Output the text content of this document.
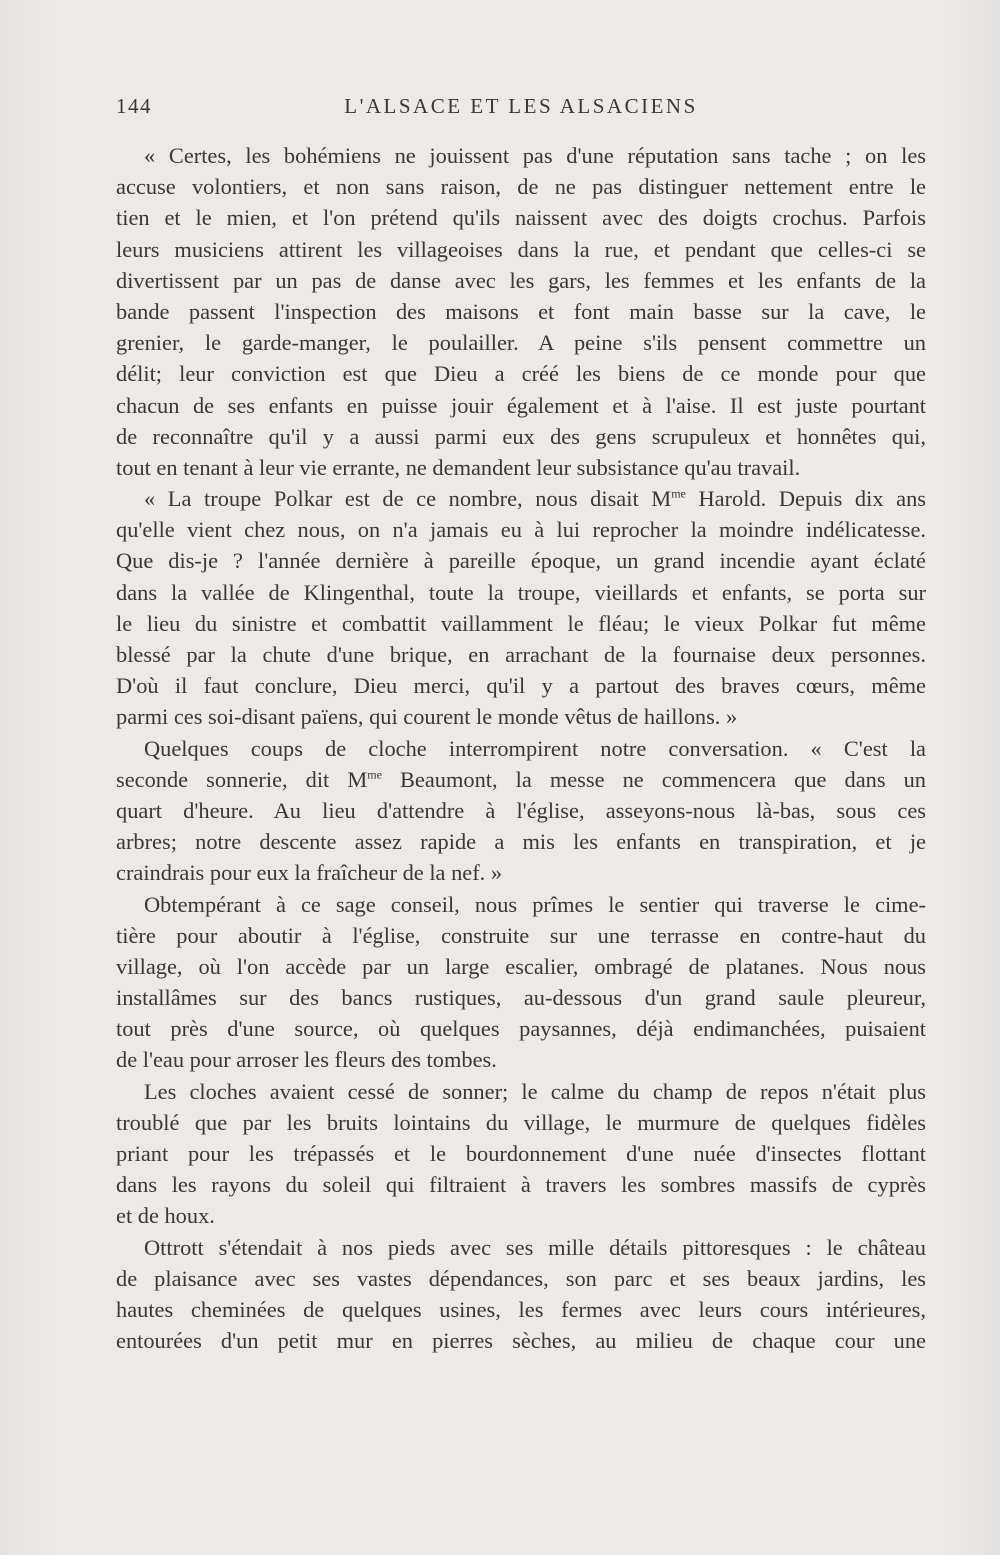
144	L'ALSACE ET LES ALSACIENS
« Certes, les bohémiens ne jouissent pas d'une réputation sans tache ; on les
accuse volontiers, et non sans raison, de ne pas distinguer nettement entre le
tien et le mien, et l'on prétend qu'ils naissent avec des doigts crochus. Parfois
leurs musiciens attirent les villageoises dans la rue, et pendant que celles-ci se
divertissent par un pas de danse avec les gars, les femmes et les enfants de la
bande passent l'inspection des maisons et font main basse sur la cave, le
grenier, le garde-manger, le poulailler. A peine s'ils pensent commettre un
délit; leur conviction est que Dieu a créé les biens de ce monde pour que
chacun de ses enfants en puisse jouir également et à l'aise. Il est juste pourtant
de reconnaître qu'il y a aussi parmi eux des gens scrupuleux et honnêtes qui,
tout en tenant à leur vie errante, ne demandent leur subsistance qu'au travail.
« La troupe Polkar est de ce nombre, nous disait $M^{me}$ Harold. Depuis dix ans
qu'elle vient chez nous, on n'a jamais eu à lui reprocher la moindre indélicatesse.
Que dis-je ? l'année dernière à pareille époque, un grand incendie ayant éclaté
dans la vallée de Klingenthal, toute la troupe, vieillards et enfants, se porta sur
le lieu du sinistre et combattit vaillamment le fléau; le vieux Polkar fut même
blessé par la chute d'une brique, en arrachant de la fournaise deux personnes.
D'où il faut conclure, Dieu merci, qu'il y a partout des braves cœurs, même
parmi ces soi-disant païens, qui courent le monde vêtus de haillons. »
Quelques coups de cloche interrompirent notre conversation. « C'est la
seconde sonnerie, dit $M^{me}$ Beaumont, la messe ne commencera que dans un
quart d'heure. Au lieu d'attendre à l'église, asseyons-nous là-bas, sous ces
arbres; notre descente assez rapide a mis les enfants en transpiration, et je
craindrais pour eux la fraîcheur de la nef. »
Obtempérant à ce sage conseil, nous prîmes le sentier qui traverse le cime-
tière pour aboutir à l'église, construite sur une terrasse en contre-haut du
village, où l'on accède par un large escalier, ombragé de platanes. Nous nous
installâmes sur des bancs rustiques, au-dessous d'un grand saule pleureur,
tout près d'une source, où quelques paysannes, déjà endimanchées, puisaient
de l'eau pour arroser les fleurs des tombes.
Les cloches avaient cessé de sonner; le calme du champ de repos n'était plus
troublé que par les bruits lointains du village, le murmure de quelques fidèles
priant pour les trépassés et le bourdonnement d'une nuée d'insectes flottant
dans les rayons du soleil qui filtraient à travers les sombres massifs de cyprès
et de houx.
Ottrott s'étendait à nos pieds avec ses mille détails pittoresques : le château
de plaisance avec ses vastes dépendances, son parc et ses beaux jardins, les
hautes cheminées de quelques usines, les fermes avec leurs cours intérieures,
entourées d'un petit mur en pierres sèches, au milieu de chaque cour une
